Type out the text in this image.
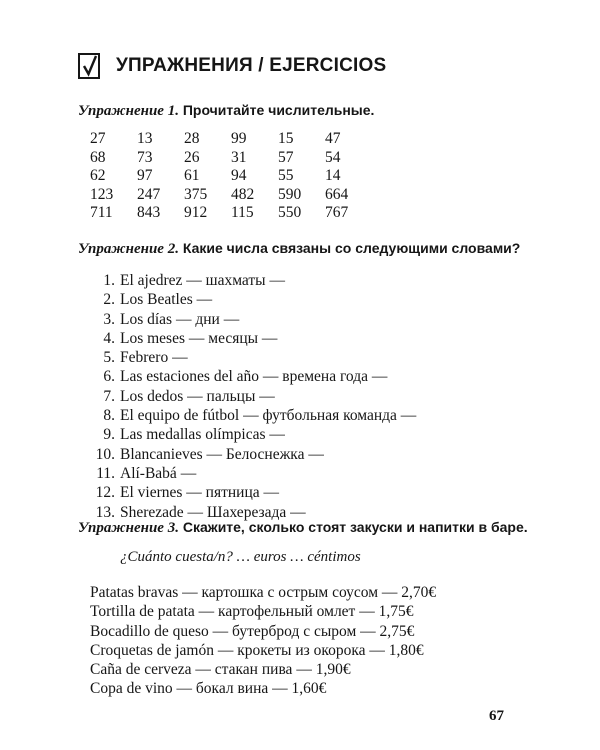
УПРАЖНЕНИЯ / EJERCICIOS
Упражнение 1. Прочитайте числительные.
27	13	28	99	15	47
68	73	26	31	57	54
62	97	61	94	55	14
123	247	375	482	590	664
711	843	912	115	550	767
Упражнение 2. Какие числа связаны со следующими словами?
1. El ajedrez — шахматы —
2. Los Beatles —
3. Los días — дни —
4. Los meses — месяцы —
5. Febrero —
6. Las estaciones del año — времена года —
7. Los dedos — пальцы —
8. El equipo de fútbol — футбольная команда —
9. Las medallas olímpicas —
10. Blancanieves — Белоснежка —
11. Alí-Babá —
12. El viernes — пятница —
13. Sherezade — Шахерезада —
Упражнение 3. Скажите, сколько стоят закуски и напитки в баре.
¿Cuánto cuesta/n? … euros … céntimos
Patatas bravas — картошка с острым соусом — 2,70€
Tortilla de patata — картофельный омлет — 1,75€
Bocadillo de queso — бутерброд с сыром — 2,75€
Croquetas de jamón — крокеты из окорока — 1,80€
Caña de cerveza — стакан пива — 1,90€
Copa de vino — бокал вина — 1,60€
67
